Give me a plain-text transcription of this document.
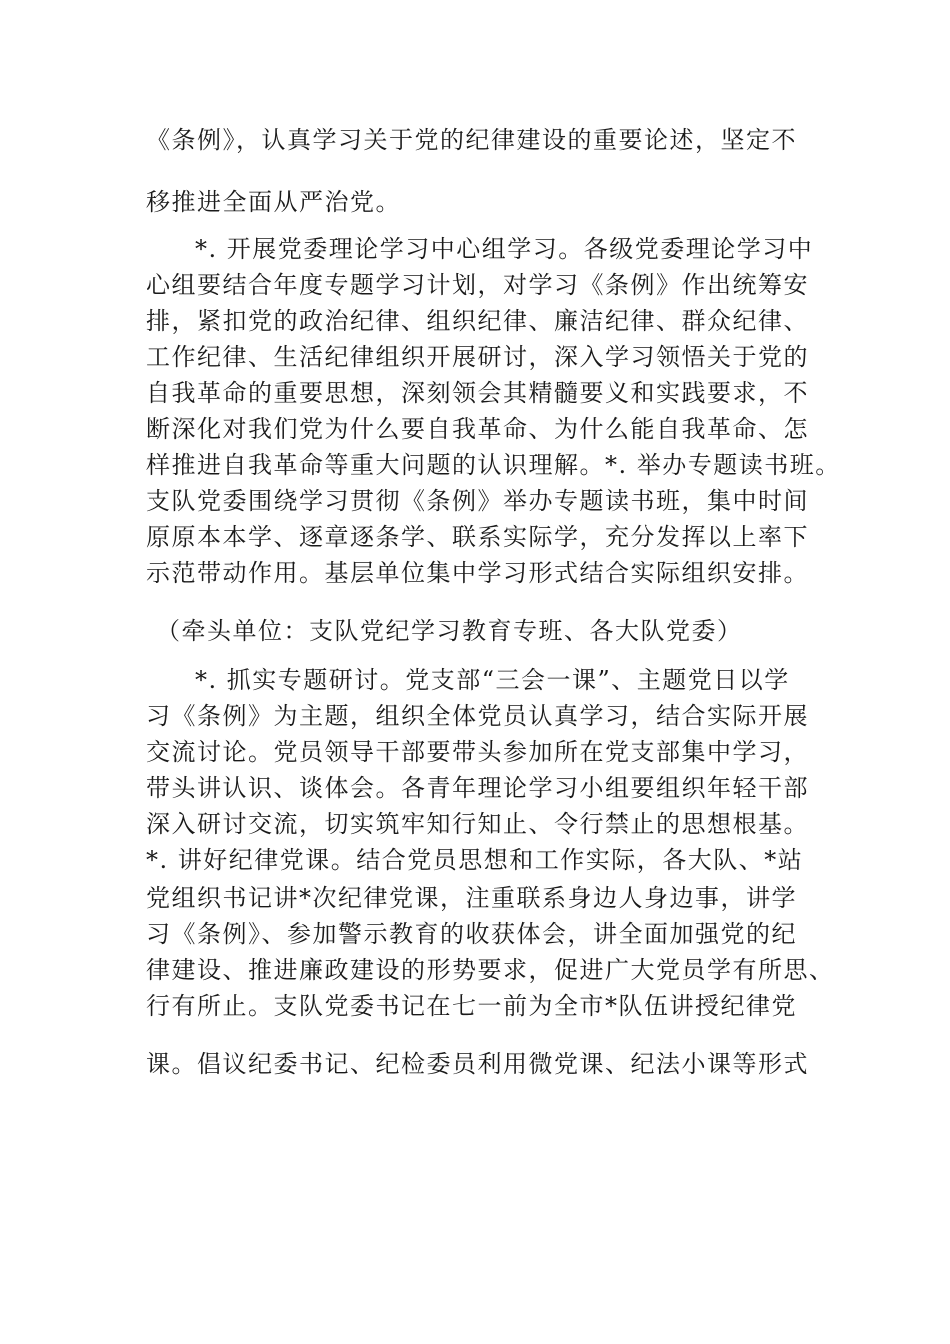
《条例》，认真学习关于党的纪律建设的重要论述，坚定不
移推进全面从严治党。
*. 开展党委理论学习中心组学习。各级党委理论学习中
心组要结合年度专题学习计划，对学习《条例》作出统筹安
排，紧扣党的政治纪律、组织纪律、廉洁纪律、群众纪律、
工作纪律、生活纪律组织开展研讨，深入学习领悟关于党的
自我革命的重要思想，深刻领会其精髓要义和实践要求，不
断深化对我们党为什么要自我革命、为什么能自我革命、怎
样推进自我革命等重大问题的认识理解。*. 举办专题读书班。
支队党委围绕学习贯彻《条例》举办专题读书班，集中时间
原原本本学、逐章逐条学、联系实际学，充分发挥以上率下
示范带动作用。基层单位集中学习形式结合实际组织安排。
（牵头单位：支队党纪学习教育专班、各大队党委）
*. 抓实专题研讨。党支部“三会一课”、主题党日以学
习《条例》为主题，组织全体党员认真学习，结合实际开展
交流讨论。党员领导干部要带头参加所在党支部集中学习，
带头讲认识、谈体会。各青年理论学习小组要组织年轻干部
深入研讨交流，切实筑牢知行知止、令行禁止的思想根基。
*. 讲好纪律党课。结合党员思想和工作实际，各大队、*站
党组织书记讲*次纪律党课，注重联系身边人身边事，讲学
习《条例》、参加警示教育的收获体会，讲全面加强党的纪
律建设、推进廉政建设的形势要求，促进广大党员学有所思、
行有所止。支队党委书记在七一前为全市*队伍讲授纪律党
课。倡议纪委书记、纪检委员利用微党课、纪法小课等形式
